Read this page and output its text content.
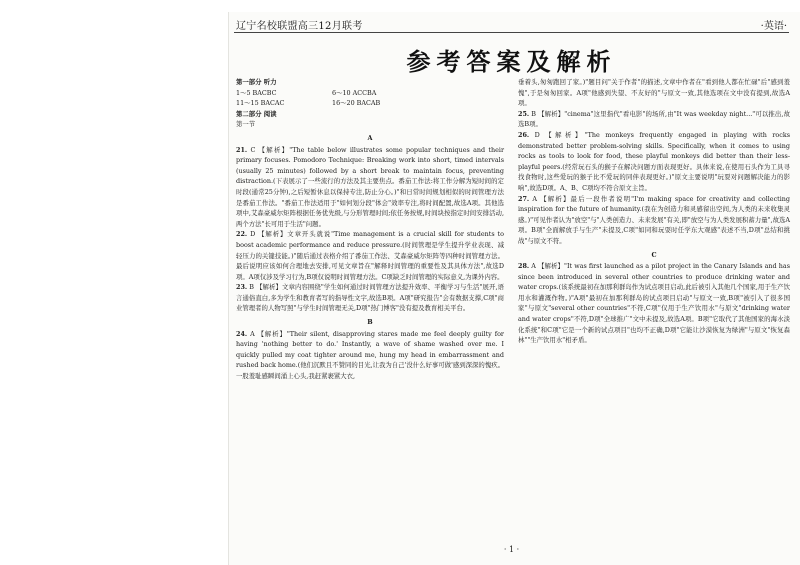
辽宁名校联盟高三12月联考	·英语·
参考答案及解析
第一部分 听力
1～5 BACBC	6～10 ACCBA
11～15 BACAC	16～20 BACAB
第二部分 阅读
第一节
A
21. C 【解析】"The table below illustrates some popular techniques and their primary focuses. Pomodoro Technique: Breaking work into short, timed intervals (usually 25 minutes) followed by a short break to maintain focus, preventing distraction.(下表展示了一些流行的方法及其主要焦点。番茄工作法:将工作分解为短时间的定时段(通常25分钟),之后短暂休息以保持专注,防止分心。)"和日常时间规划相似的时间管理方法是番茄工作法。"番茄工作法适用于"如何划分段"体会"效率专注,将时间配置,故选A项。其他选项中,艾森豪威尔矩阵根据任务优先级,与分形管理时间;依任务按规,时间块按指定时间安排活动,两个方法"长可用于生活"问题。
22. D 【解析】文章开头就说"Time management is a crucial skill for students to boost academic performance and reduce pressure.(时间管理是学生提升学业表现、减轻压力的关键技能。)"随后通过表格介绍了番茄工作法、艾森豪威尔矩阵等四种时间管理方法。最后说明应该如何合理地去安排,可见文章旨在"解释时间管理的重要性及其具体方法",故选D项。A项仅涉及学习行为,B项仅说明时间管理方法。C项缺乏时间管理的实际意义,为课外内容。
23. B 【解析】文章内容围绕"学生如何通过时间管理方法提升效率、平衡学习与生活"展开,语言通俗直白,多为学生和教育者写的指导性文字,故选B项。A项"研究报告"会有数据支撑,C项"商业管理者的人物写照"与学生时间管理无关,D项"热门博客"没有提及教育相关平台。
B
24. A 【解析】"Their silent, disapproving stares made me feel deeply guilty for having 'nothing better to do.' Instantly, a wave of shame washed over me. I quickly pulled my coat tighter around me, hung my head in embarrassment and rushed back home.(他们沉默且不赞同的目光,让我为自己'没什么好事可做'感到深深的愧疚。一股羞耻感瞬间涌上心头,我赶紧裹紧大衣,
垂着头,匆匆跑回了家。)"题目问"关于作者"的描述,文章中作者在"看到他人都在忙碌"后"感到羞愧",于是匆匆回家。A项"他感到失望、不友好的"与原文一致,其他选项在文中没有提到,故选A项。
25. B 【解析】"cinema"这里指代"看电影"的场所,由"It was weekday night..."可以推出,故选B项。
26. D 【解析】"The monkeys frequently engaged in playing with rocks demonstrated better problem-solving skills. Specifically, when it comes to using rocks as tools to look for food, these playful monkeys did better than their less-playful peers.(经常玩石头的猴子在解决问题方面表现更好。具体来说,在使用石头作为工具寻找食物时,这些爱玩的猴子比不爱玩的同伴表现更好。)"原文主要说明"玩耍对问题解决能力的影响",故选D项。A、B、C项均不符合原文主旨。
27. A 【解析】最后一段作者说明"I'm making space for creativity and collecting inspiration for the future of humanity.(我在为创造力和灵感留出空间,为人类的未来收集灵感。)"可见作者认为"放空"与"人类创造力、未来发展"有关,即"放空与为人类发展积蓄力量",故选A项。B项"全面解放手与生产"未提及,C项"如同和玩耍时任学东大观感"表述不当,D项"总结和挑战"与原文不符。
C
28. A 【解析】"It was first launched as a pilot project in the Canary Islands and has since been introduced in several other countries to produce drinking water and water crops.(该系统最初在加那利群岛作为试点项目启动,此后被引入其他几个国家,用于生产饮用水和灌溉作物。)"A项"最初在加那利群岛的试点项目启动"与原文一致,B项"被引入了很多国家"与原文"several other countries"不符,C项"仅用于生产饮用水"与原文"drinking water and water crops"不符,D项"全球推广"文中未提及,故选A项。B项"它取代了其他国家的海水淡化系统"和C项"它是一个新的试点项目"也均不正确,D项"它能让沙漠恢复为绿洲"与原文"恢复森林""生产饮用水"相矛盾。
· 1 ·
